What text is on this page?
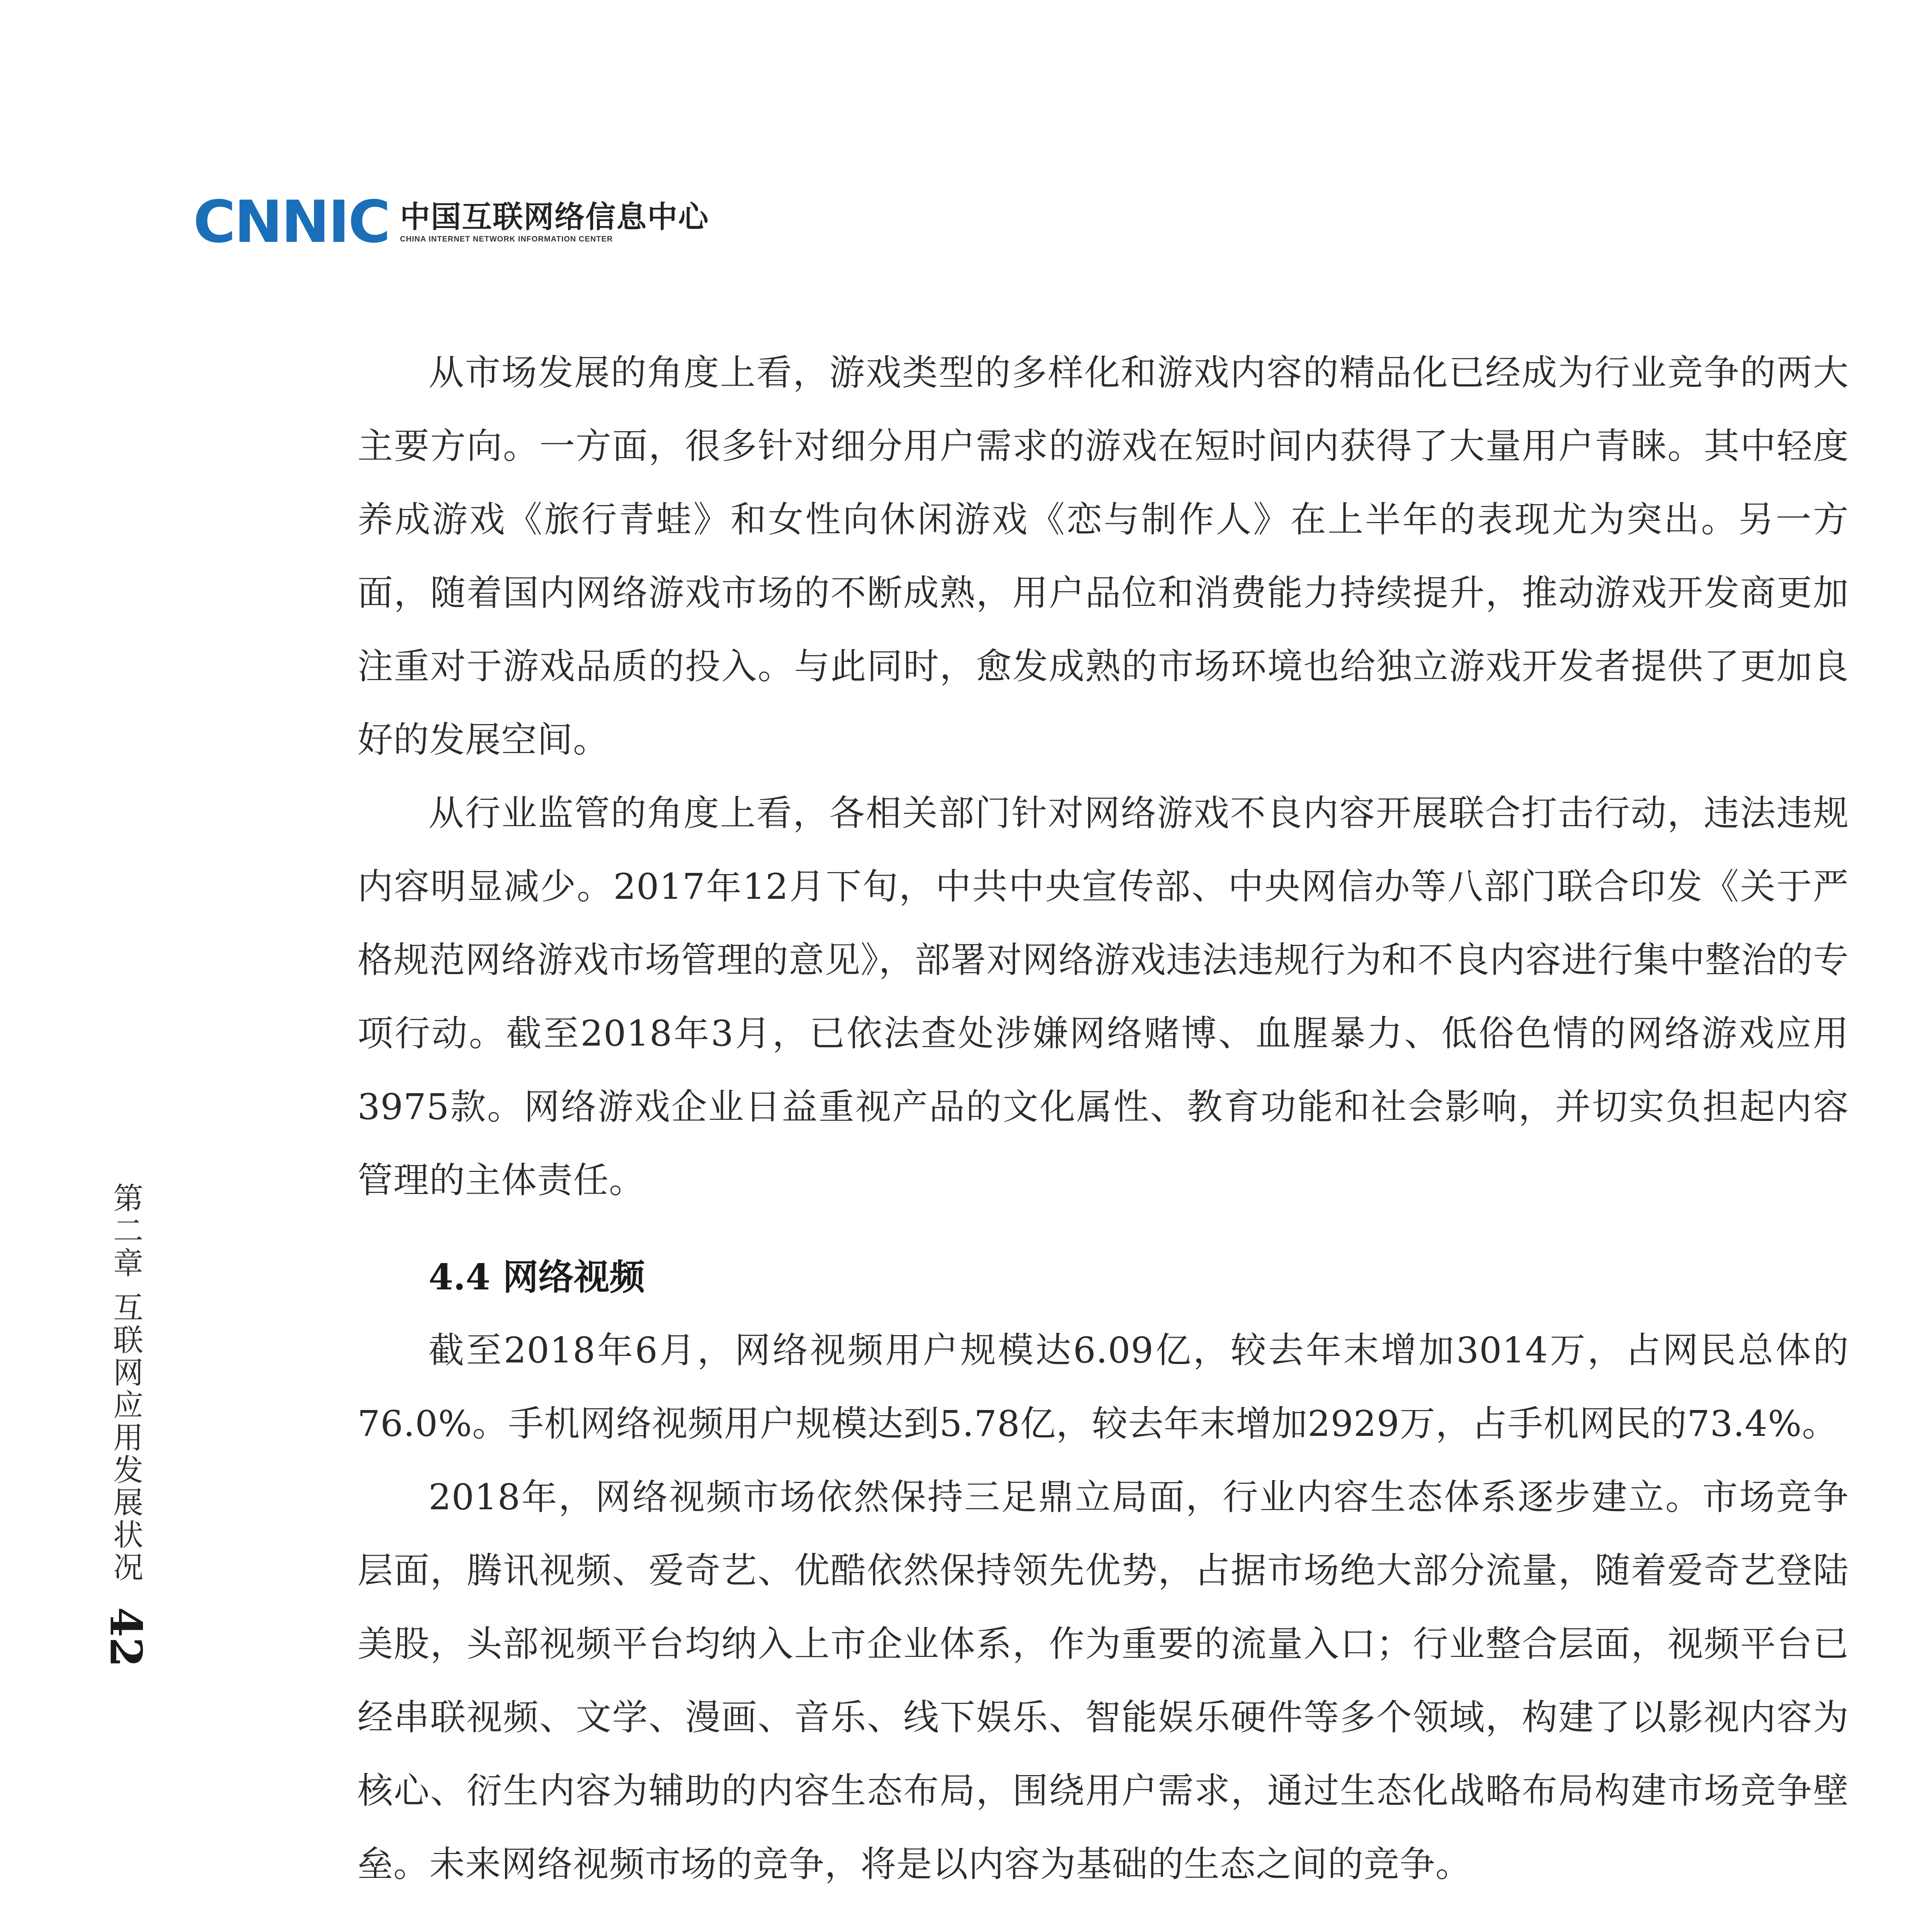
CNNIC 中国互联网络信息中心
CHINA INTERNET NETWORK INFORMATION CENTER
第二章 互联网应用发展状况
42

从市场发展的角度上看，游戏类型的多样化和游戏内容的精品化已经成为行业竞争的两大主要方向。一方面，很多针对细分用户需求的游戏在短时间内获得了大量用户青睐。其中轻度养成游戏《旅行青蛙》和女性向休闲游戏《恋与制作人》在上半年的表现尤为突出。另一方面，随着国内网络游戏市场的不断成熟，用户品位和消费能力持续提升，推动游戏开发商更加注重对于游戏品质的投入。与此同时，愈发成熟的市场环境也给独立游戏开发者提供了更加良好的发展空间。

从行业监管的角度上看，各相关部门针对网络游戏不良内容开展联合打击行动，违法违规内容明显减少。2017年12月下旬，中共中央宣传部、中央网信办等八部门联合印发《关于严格规范网络游戏市场管理的意见》，部署对网络游戏违法违规行为和不良内容进行集中整治的专项行动。截至2018年3月，已依法查处涉嫌网络赌博、血腥暴力、低俗色情的网络游戏应用3975款。网络游戏企业日益重视产品的文化属性、教育功能和社会影响，并切实负担起内容管理的主体责任。

4.4 网络视频

截至2018年6月，网络视频用户规模达6.09亿，较去年末增加3014万，占网民总体的76.0%。手机网络视频用户规模达到5.78亿，较去年末增加2929万，占手机网民的73.4%。

2018年，网络视频市场依然保持三足鼎立局面，行业内容生态体系逐步建立。市场竞争层面，腾讯视频、爱奇艺、优酷依然保持领先优势，占据市场绝大部分流量，随着爱奇艺登陆美股，头部视频平台均纳入上市企业体系，作为重要的流量入口；行业整合层面，视频平台已经串联视频、文学、漫画、音乐、线下娱乐、智能娱乐硬件等多个领域，构建了以影视内容为核心、衍生内容为辅助的内容生态布局，围绕用户需求，通过生态化战略布局构建市场竞争壁垒。未来网络视频市场的竞争，将是以内容为基础的生态之间的竞争。
